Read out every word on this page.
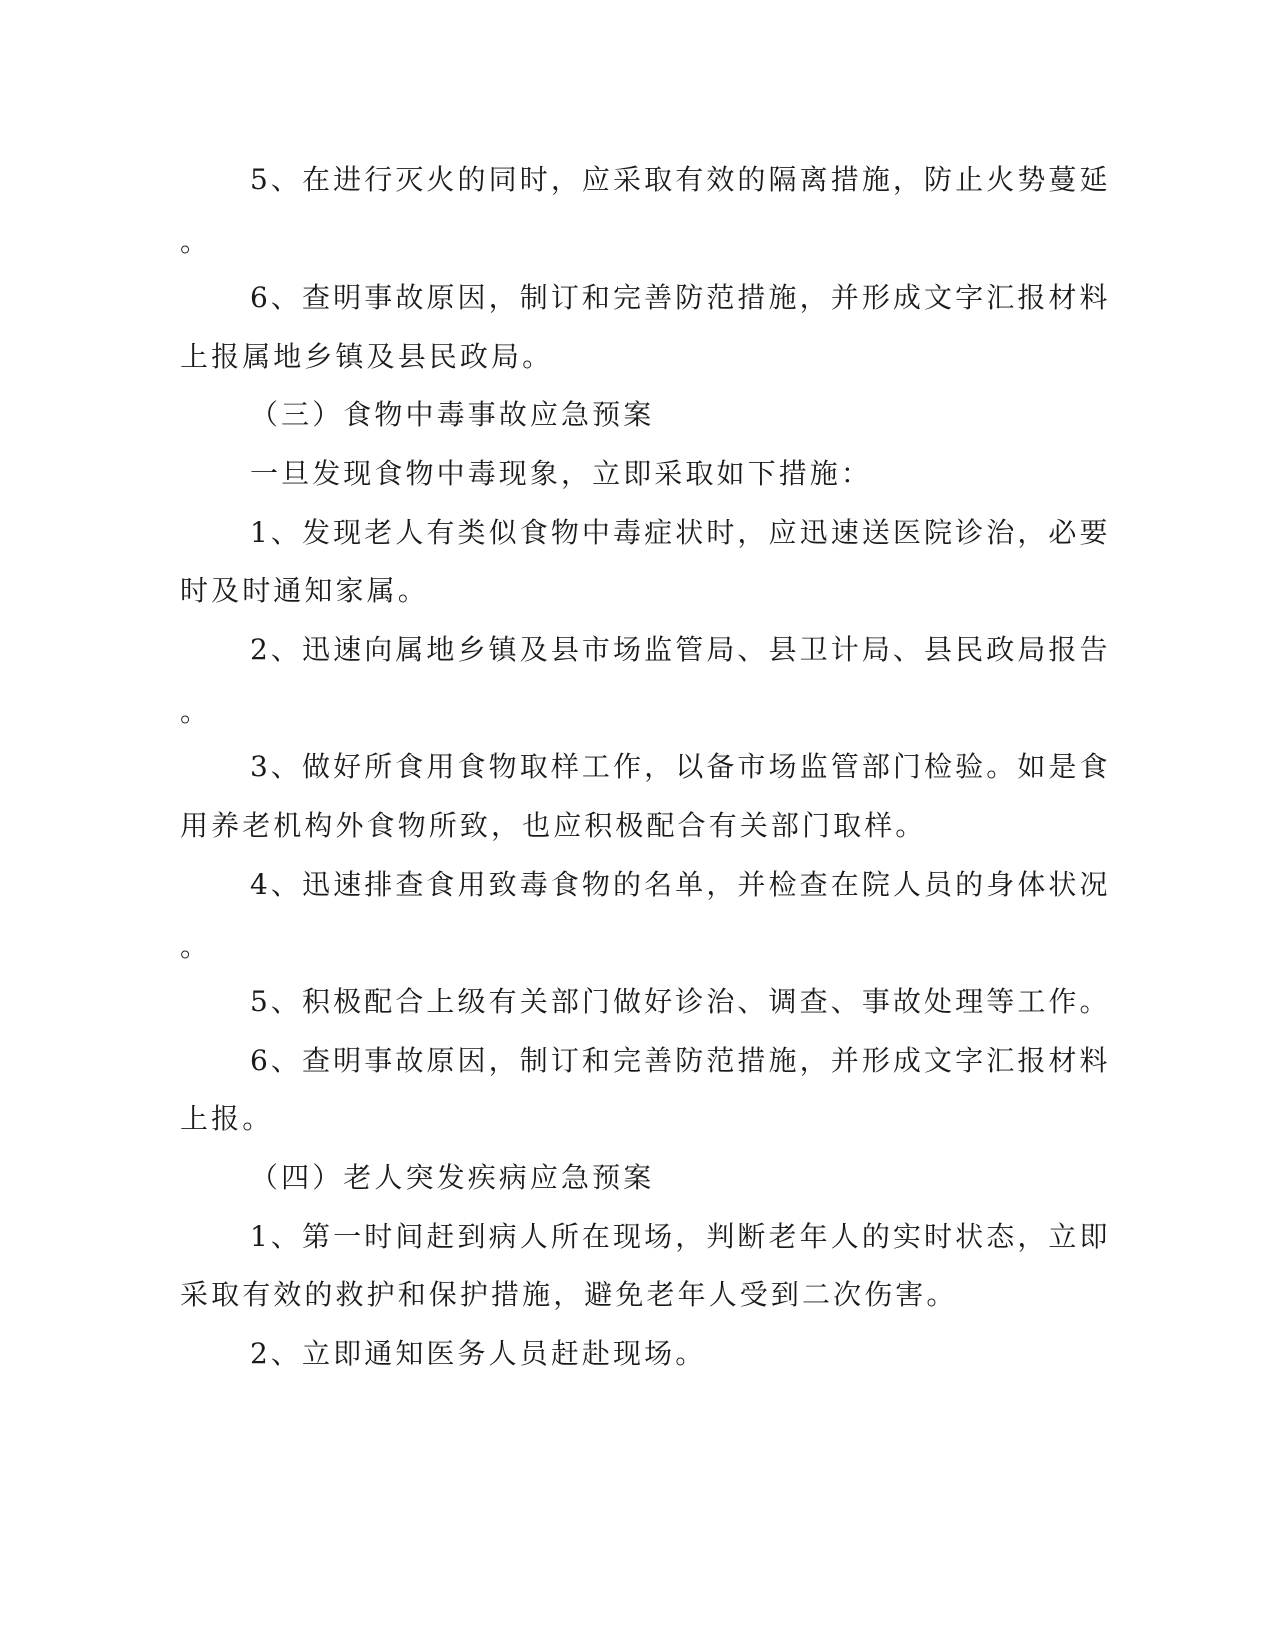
5、在进行灭火的同时，应采取有效的隔离措施，防止火势蔓延
。
6、查明事故原因，制订和完善防范措施，并形成文字汇报材料
上报属地乡镇及县民政局。
（三）食物中毒事故应急预案
一旦发现食物中毒现象，立即采取如下措施：
1、发现老人有类似食物中毒症状时，应迅速送医院诊治，必要
时及时通知家属。
2、迅速向属地乡镇及县市场监管局、县卫计局、县民政局报告
。
3、做好所食用食物取样工作，以备市场监管部门检验。如是食
用养老机构外食物所致，也应积极配合有关部门取样。
4、迅速排查食用致毒食物的名单，并检查在院人员的身体状况
。
5、积极配合上级有关部门做好诊治、调查、事故处理等工作。
6、查明事故原因，制订和完善防范措施，并形成文字汇报材料
上报。
（四）老人突发疾病应急预案
1、第一时间赶到病人所在现场，判断老年人的实时状态，立即
采取有效的救护和保护措施，避免老年人受到二次伤害。
2、立即通知医务人员赶赴现场。
